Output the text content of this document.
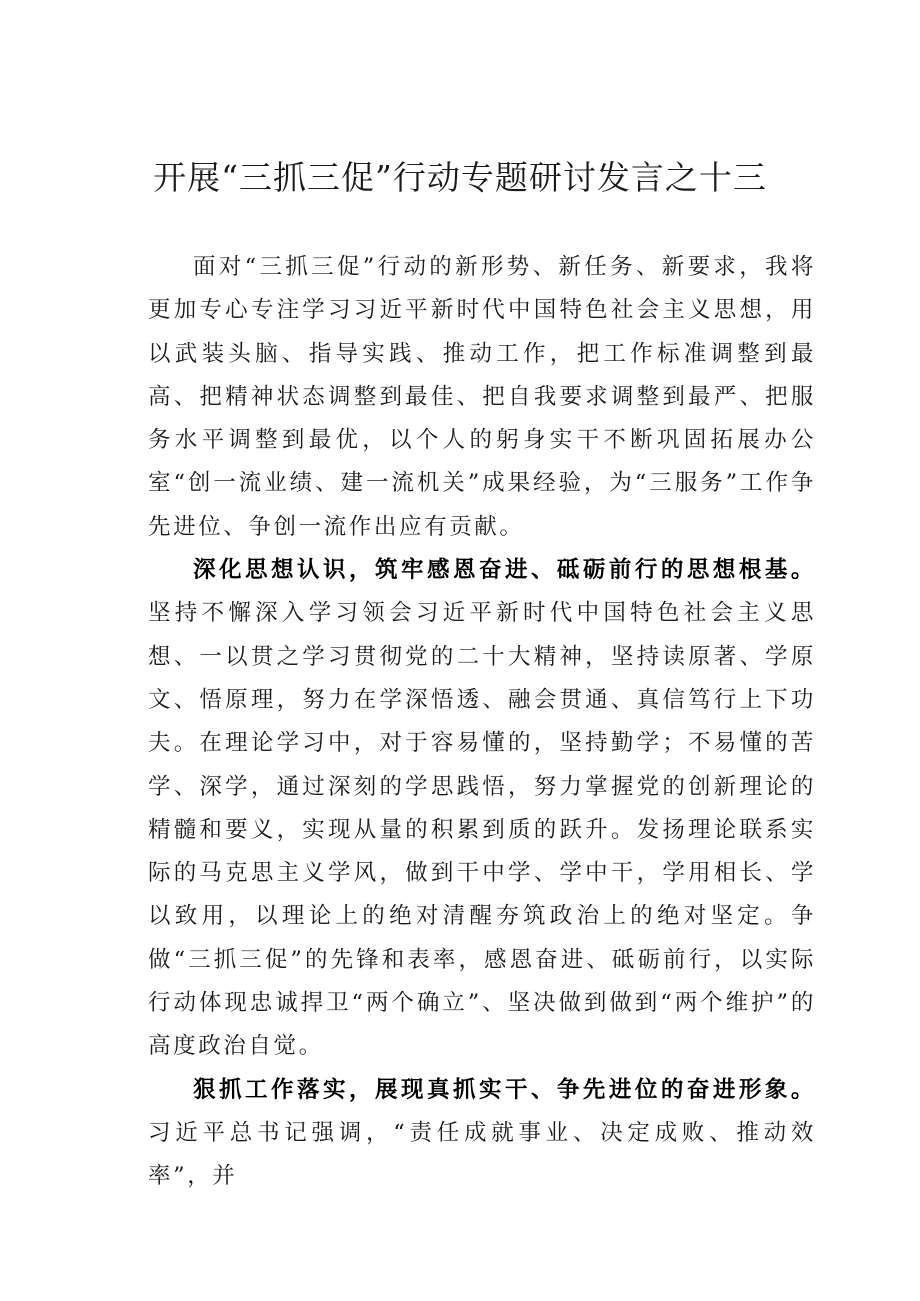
开展“三抓三促”行动专题研讨发言之十三

面对“三抓三促”行动的新形势、新任务、新要求，我将更加专心专注学习习近平新时代中国特色社会主义思想，用以武装头脑、指导实践、推动工作，把工作标准调整到最高、把精神状态调整到最佳、把自我要求调整到最严、把服务水平调整到最优，以个人的躬身实干不断巩固拓展办公室“创一流业绩、建一流机关”成果经验，为“三服务”工作争先进位、争创一流作出应有贡献。

深化思想认识，筑牢感恩奋进、砥砺前行的思想根基。坚持不懈深入学习领会习近平新时代中国特色社会主义思想、一以贯之学习贯彻党的二十大精神，坚持读原著、学原文、悟原理，努力在学深悟透、融会贯通、真信笃行上下功夫。在理论学习中，对于容易懂的，坚持勤学；不易懂的苦学、深学，通过深刻的学思践悟，努力掌握党的创新理论的精髓和要义，实现从量的积累到质的跃升。发扬理论联系实际的马克思主义学风，做到干中学、学中干，学用相长、学以致用，以理论上的绝对清醒夯筑政治上的绝对坚定。争做“三抓三促”的先锋和表率，感恩奋进、砥砺前行，以实际行动体现忠诚捍卫“两个确立”、坚决做到做到“两个维护”的高度政治自觉。

狠抓工作落实，展现真抓实干、争先进位的奋进形象。习近平总书记强调，“责任成就事业、决定成败、推动效率”，并
